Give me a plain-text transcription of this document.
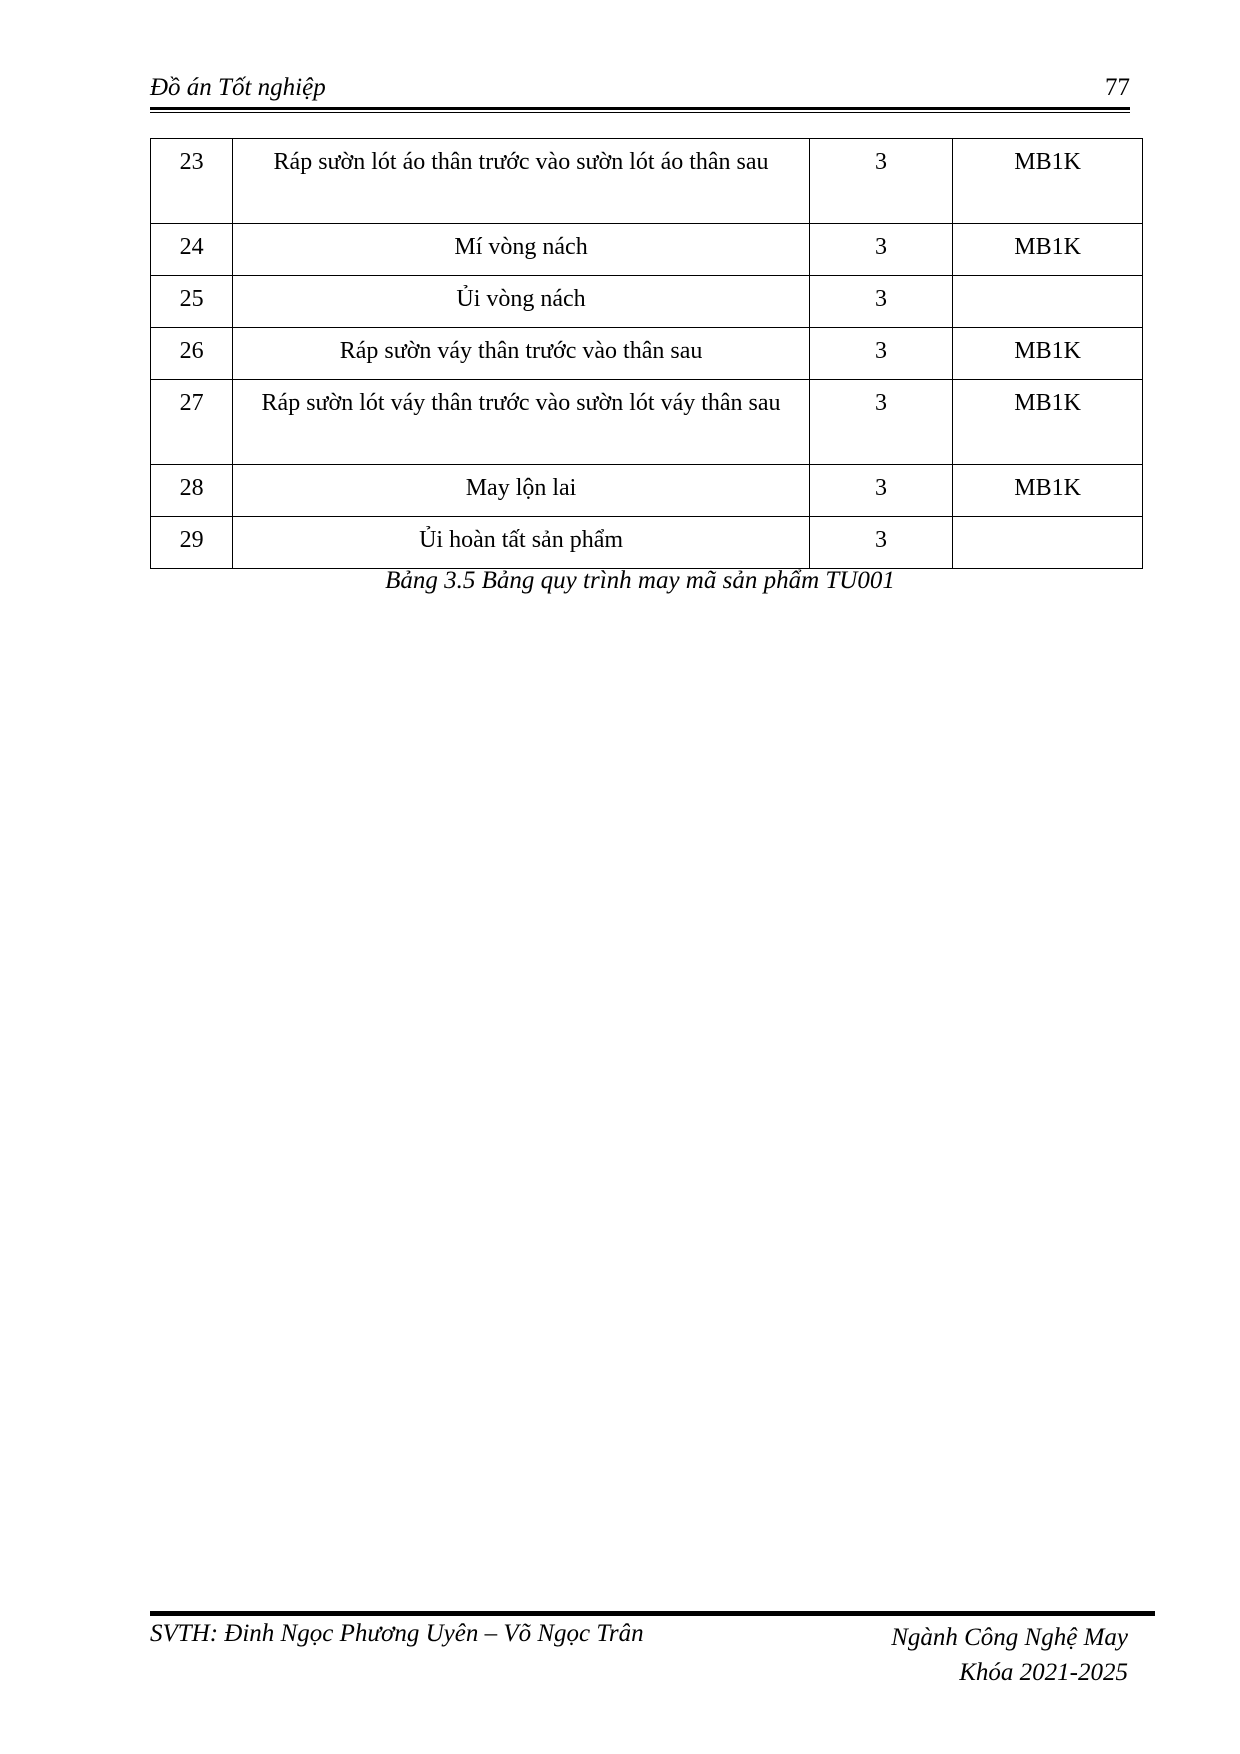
Đồ án Tốt nghiệp	77
23	Ráp sườn lót áo thân trước vào sườn lót áo thân sau	3	MB1K
24	Mí vòng nách	3	MB1K
25	Ủi vòng nách	3	
26	Ráp sườn váy thân trước vào thân sau	3	MB1K
27	Ráp sườn lót váy thân trước vào sườn lót váy thân sau	3	MB1K
28	May lộn lai	3	MB1K
29	Ủi hoàn tất sản phẩm	3	
Bảng 3.5 Bảng quy trình may mã sản phẩm TU001
SVTH: Đinh Ngọc Phương Uyên – Võ Ngọc Trân	Ngành Công Nghệ May
Khóa 2021-2025
